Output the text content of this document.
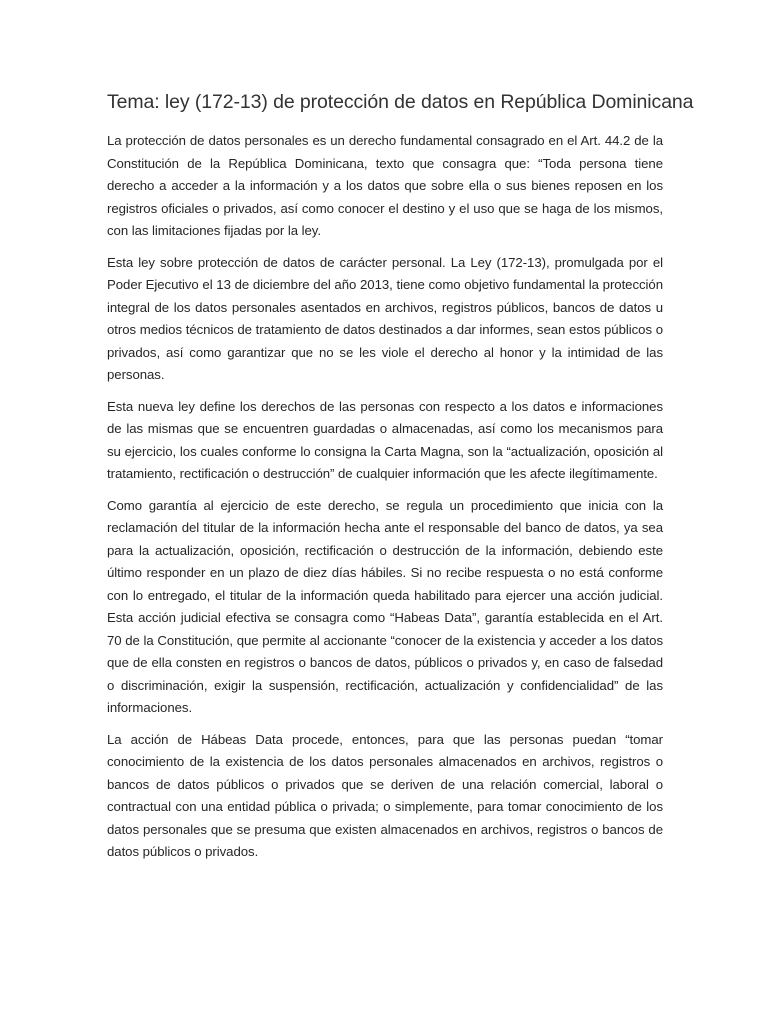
Tema: ley (172-13) de protección de datos en República Dominicana

La protección de datos personales es un derecho fundamental consagrado en el Art. 44.2 de la Constitución de la República Dominicana, texto que consagra que: “Toda persona tiene derecho a acceder a la información y a los datos que sobre ella o sus bienes reposen en los registros oficiales o privados, así como conocer el destino y el uso que se haga de los mismos, con las limitaciones fijadas por la ley.

Esta ley sobre protección de datos de carácter personal. La Ley (172-13), promulgada por el Poder Ejecutivo el 13 de diciembre del año 2013, tiene como objetivo fundamental la protección integral de los datos personales asentados en archivos, registros públicos, bancos de datos u otros medios técnicos de tratamiento de datos destinados a dar informes, sean estos públicos o privados, así como garantizar que no se les viole el derecho al honor y la intimidad de las personas.

Esta nueva ley define los derechos de las personas con respecto a los datos e informaciones de las mismas que se encuentren guardadas o almacenadas, así como los mecanismos para su ejercicio, los cuales conforme lo consigna la Carta Magna, son la “actualización, oposición al tratamiento, rectificación o destrucción” de cualquier información que les afecte ilegítimamente.

Como garantía al ejercicio de este derecho, se regula un procedimiento que inicia con la reclamación del titular de la información hecha ante el responsable del banco de datos, ya sea para la actualización, oposición, rectificación o destrucción de la información, debiendo este último responder en un plazo de diez días hábiles. Si no recibe respuesta o no está conforme con lo entregado, el titular de la información queda habilitado para ejercer una acción judicial. Esta acción judicial efectiva se consagra como “Habeas Data”, garantía establecida en el Art. 70 de la Constitución, que permite al accionante “conocer de la existencia y acceder a los datos que de ella consten en registros o bancos de datos, públicos o privados y, en caso de falsedad o discriminación, exigir la suspensión, rectificación, actualización y confidencialidad” de las informaciones.

La acción de Hábeas Data procede, entonces, para que las personas puedan “tomar conocimiento de la existencia de los datos personales almacenados en archivos, registros o bancos de datos públicos o privados que se deriven de una relación comercial, laboral o contractual con una entidad pública o privada; o simplemente, para tomar conocimiento de los datos personales que se presuma que existen almacenados en archivos, registros o bancos de datos públicos o privados.
